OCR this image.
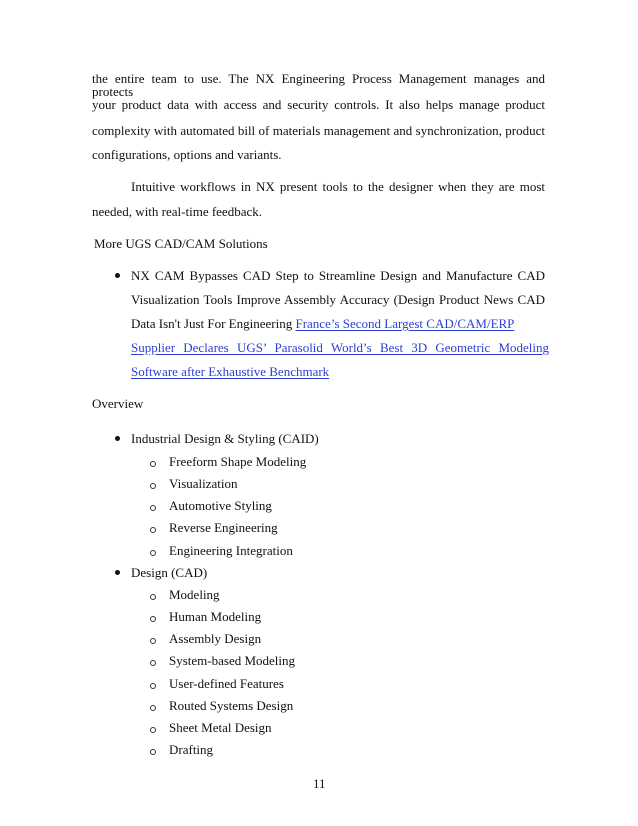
the entire team to use. The NX Engineering Process Management manages and protects
your product data with access and security controls. It also helps manage product
complexity with automated bill of materials management and synchronization, product
configurations, options and variants.
Intuitive workflows in NX present tools to the designer when they are most
needed, with real-time feedback.
More UGS CAD/CAM Solutions
NX CAM Bypasses CAD Step to Streamline Design and Manufacture CAD
Visualization Tools Improve Assembly Accuracy (Design Product News CAD
Data Isn't Just For Engineering France’s Second Largest CAD/CAM/ERP
Supplier Declares UGS’ Parasolid World’s Best 3D Geometric Modeling
Software after Exhaustive Benchmark
Overview
Industrial Design & Styling (CAID)
Freeform Shape Modeling
Visualization
Automotive Styling
Reverse Engineering
Engineering Integration
Design (CAD)
Modeling
Human Modeling
Assembly Design
System-based Modeling
User-defined Features
Routed Systems Design
Sheet Metal Design
Drafting
11
